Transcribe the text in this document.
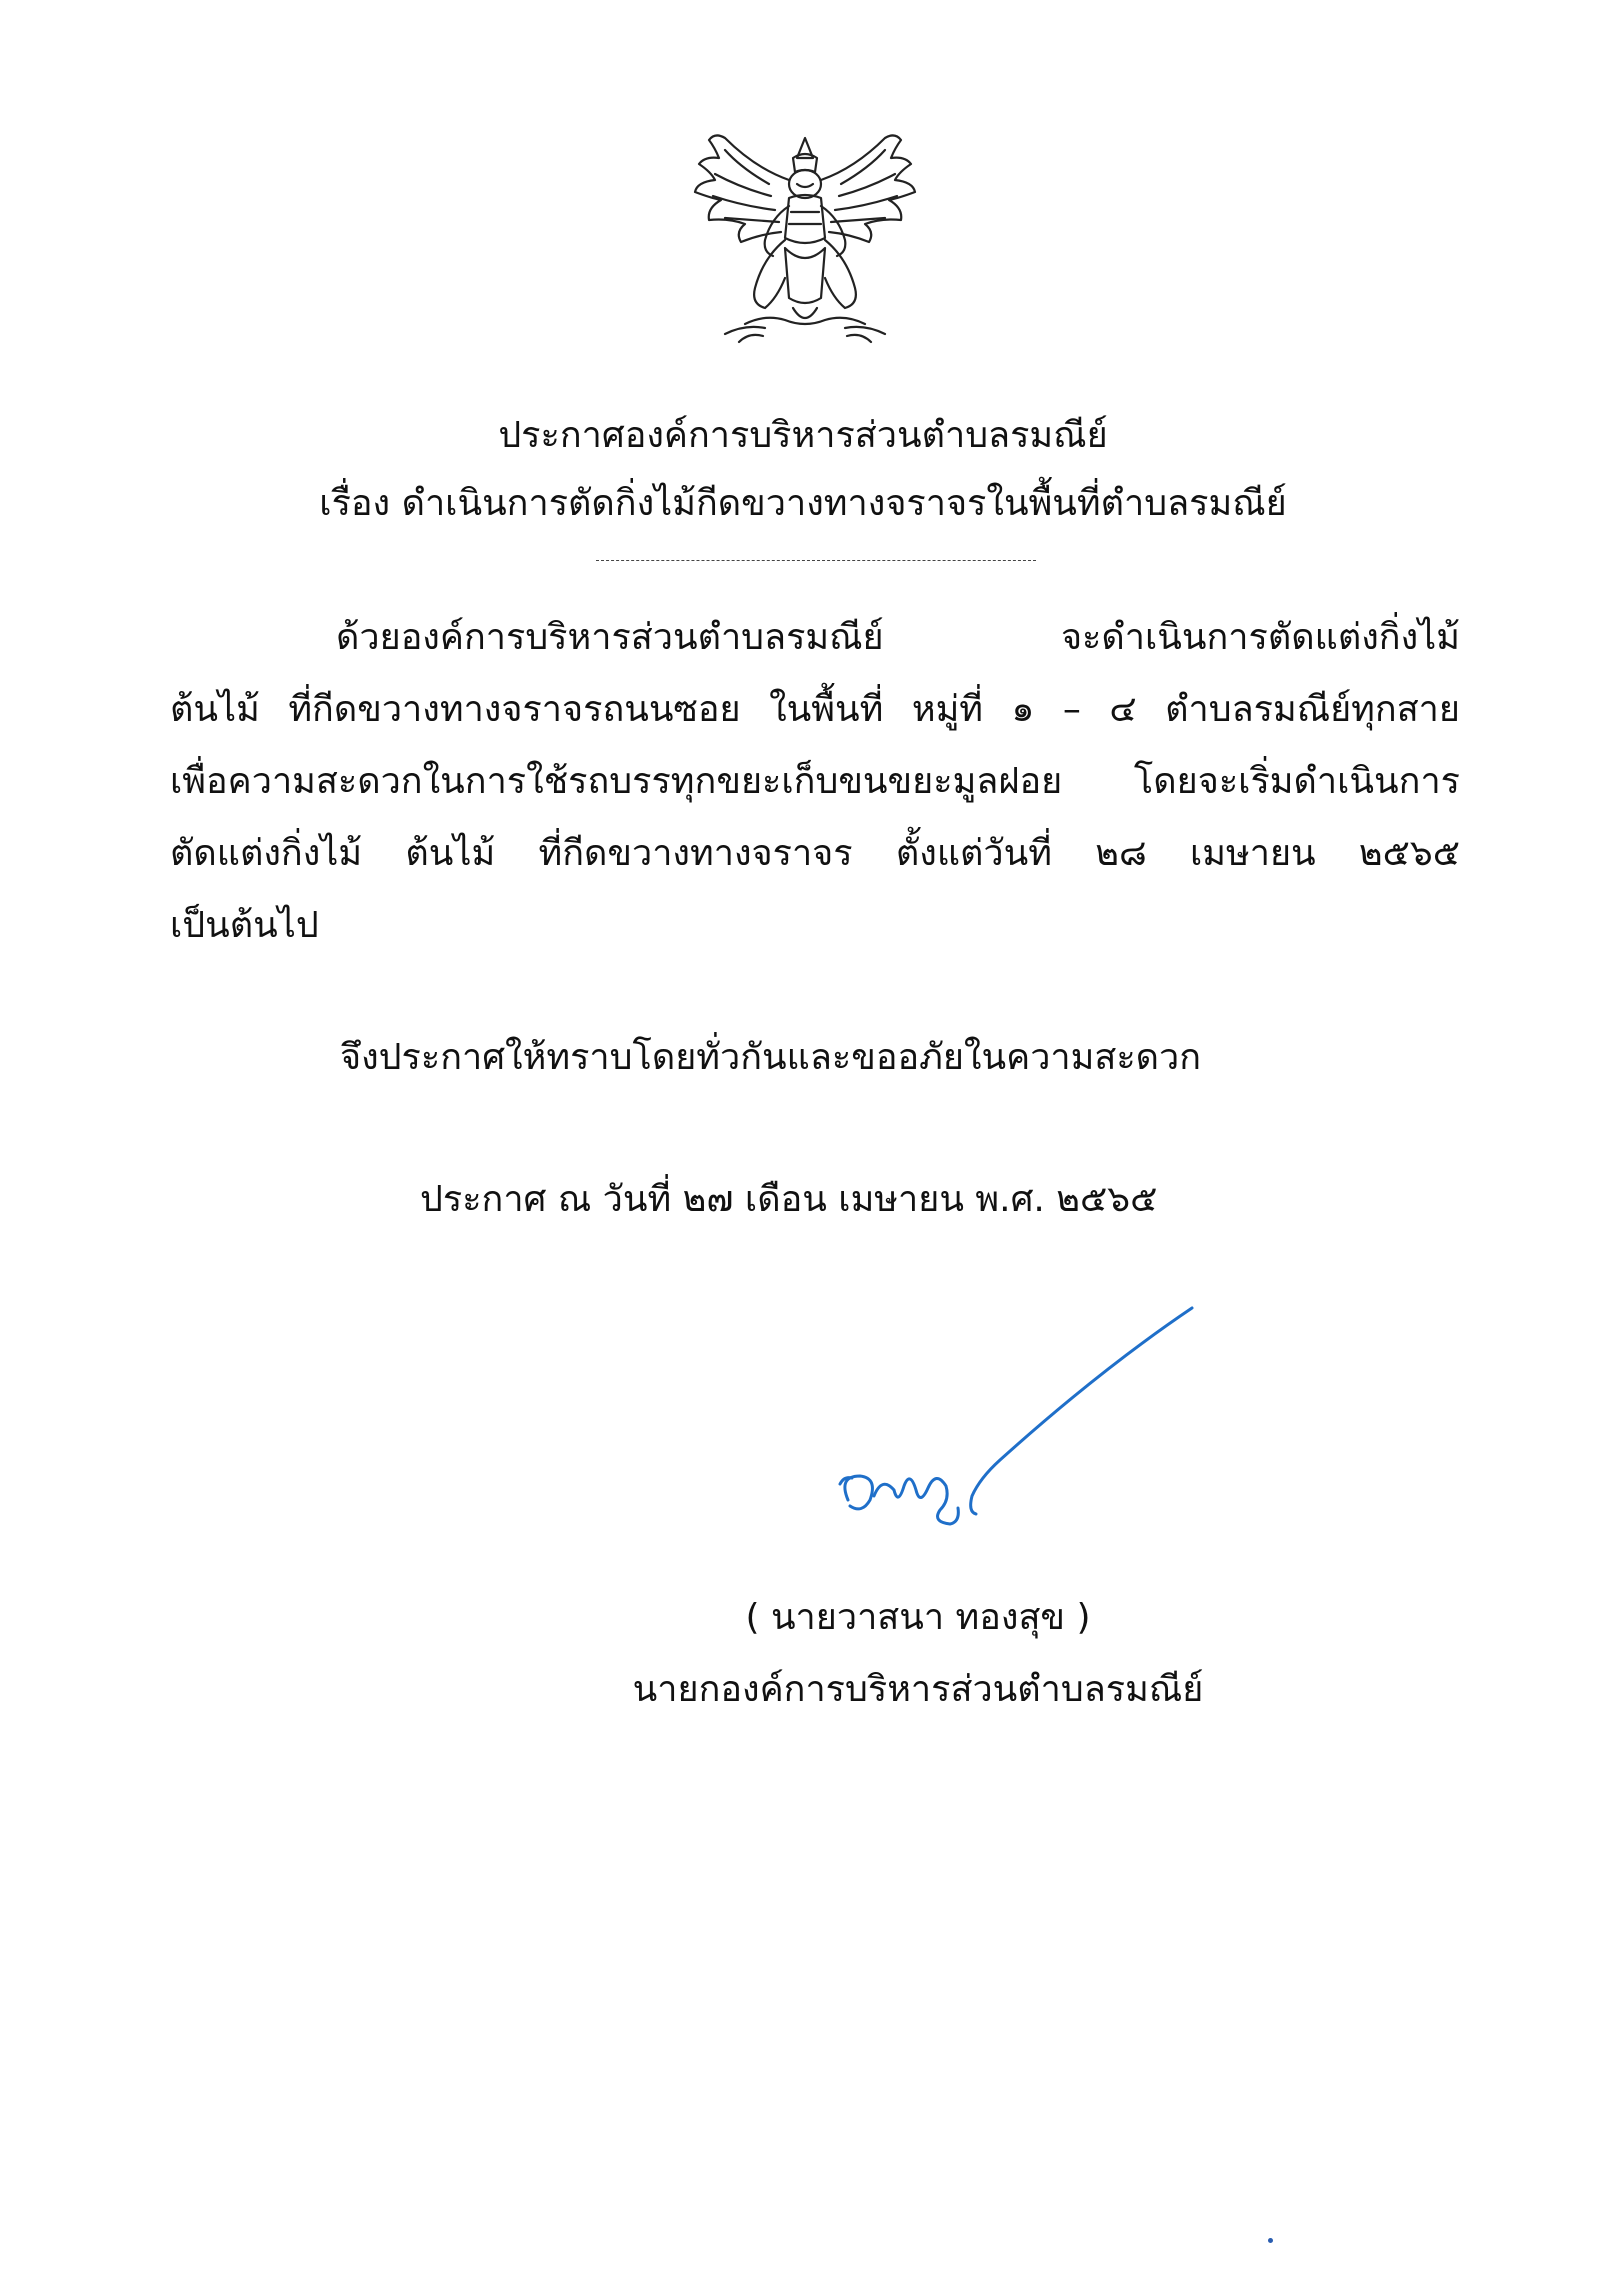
ประกาศองค์การบริหารส่วนตำบลรมณีย์
เรื่อง ดำเนินการตัดกิ่งไม้กีดขวางทางจราจรในพื้นที่ตำบลรมณีย์
ด้วยองค์การบริหารส่วนตำบลรมณีย์ จะดำเนินการตัดแต่งกิ่งไม้
ต้นไม้ ที่กีดขวางทางจราจรถนนซอย ในพื้นที่ หมู่ที่ ๑ – ๔ ตำบลรมณีย์ทุกสาย
เพื่อความสะดวกในการใช้รถบรรทุกขยะเก็บขนขยะมูลฝอย โดยจะเริ่มดำเนินการ
ตัดแต่งกิ่งไม้ ต้นไม้ ที่กีดขวางทางจราจร ตั้งแต่วันที่ ๒๘ เมษายน ๒๕๖๕
เป็นต้นไป
จึงประกาศให้ทราบโดยทั่วกันและขออภัยในความสะดวก
ประกาศ ณ วันที่ ๒๗ เดือน เมษายน พ.ศ. ๒๕๖๕
( นายวาสนา ทองสุข )
นายกองค์การบริหารส่วนตำบลรมณีย์
